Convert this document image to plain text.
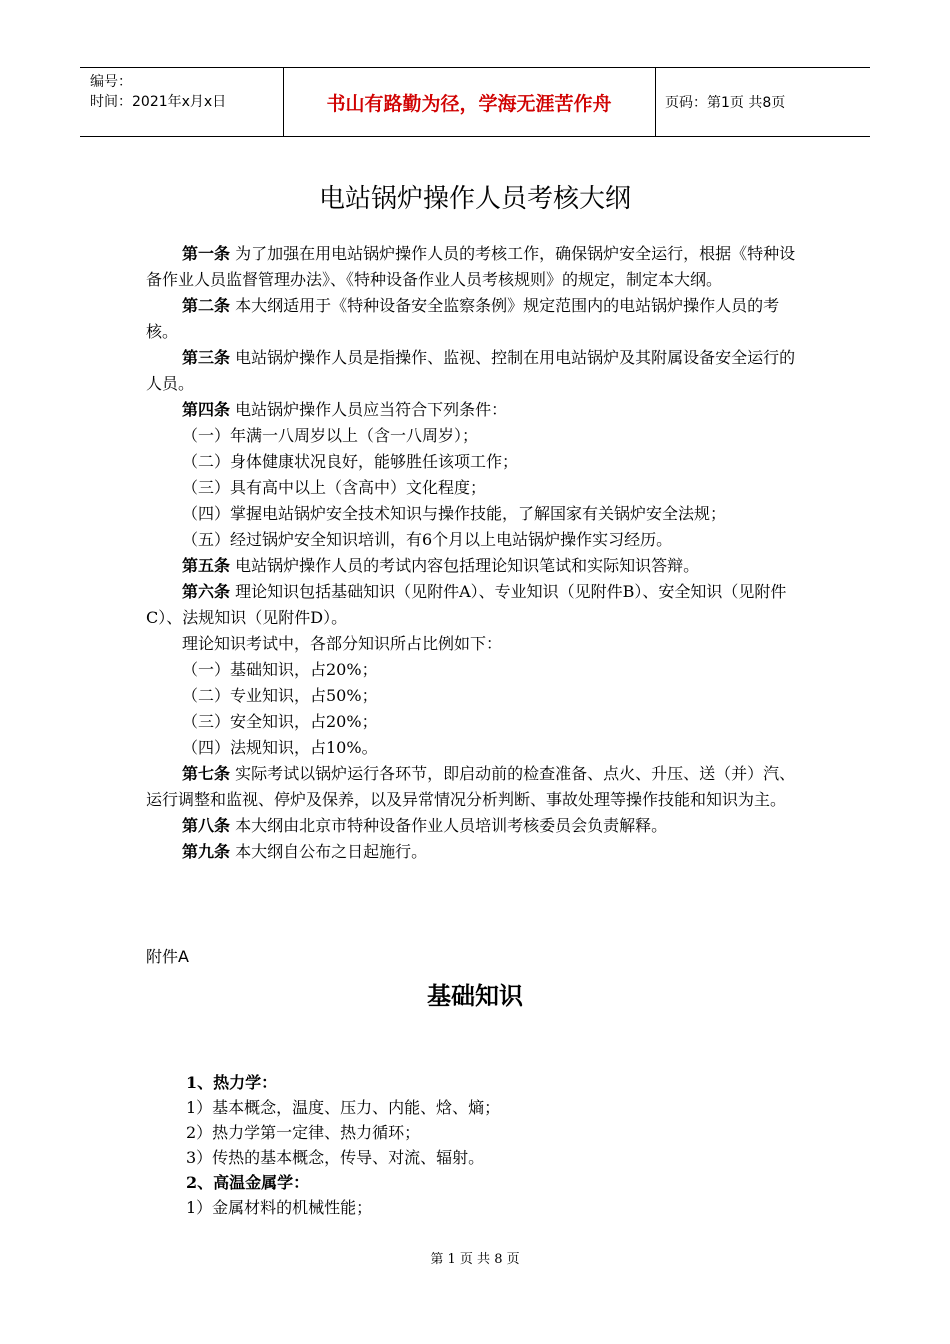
编号：
时间：2021年x月x日	书山有路勤为径，学海无涯苦作舟	页码：第1页 共8页
电站锅炉操作人员考核大纲

第一条 为了加强在用电站锅炉操作人员的考核工作，确保锅炉安全运行，根据《特种设备作业人员监督管理办法》、《特种设备作业人员考核规则》的规定，制定本大纲。

第二条 本大纲适用于《特种设备安全监察条例》规定范围内的电站锅炉操作人员的考核。

第三条 电站锅炉操作人员是指操作、监视、控制在用电站锅炉及其附属设备安全运行的人员。

第四条 电站锅炉操作人员应当符合下列条件：

（一）年满一八周岁以上（含一八周岁）；

（二）身体健康状况良好，能够胜任该项工作；

（三）具有高中以上（含高中）文化程度；

（四）掌握电站锅炉安全技术知识与操作技能，了解国家有关锅炉安全法规；

（五）经过锅炉安全知识培训，有6个月以上电站锅炉操作实习经历。

第五条 电站锅炉操作人员的考试内容包括理论知识笔试和实际知识答辩。

第六条 理论知识包括基础知识（见附件A）、专业知识（见附件B）、安全知识（见附件C）、法规知识（见附件D）。

理论知识考试中，各部分知识所占比例如下：

（一）基础知识，占20%；

（二）专业知识，占50%；

（三）安全知识，占20%；

（四）法规知识，占10%。

第七条 实际考试以锅炉运行各环节，即启动前的检查准备、点火、升压、送（并）汽、运行调整和监视、停炉及保养，以及异常情况分析判断、事故处理等操作技能和知识为主。

第八条 本大纲由北京市特种设备作业人员培训考核委员会负责解释。

第九条 本大纲自公布之日起施行。

附件A
基础知识

1、热力学：

1）基本概念，温度、压力、内能、焓、熵；

2）热力学第一定律、热力循环；

3）传热的基本概念，传导、对流、辐射。

2、高温金属学：

1）金属材料的机械性能；

第 1 页 共 8 页
